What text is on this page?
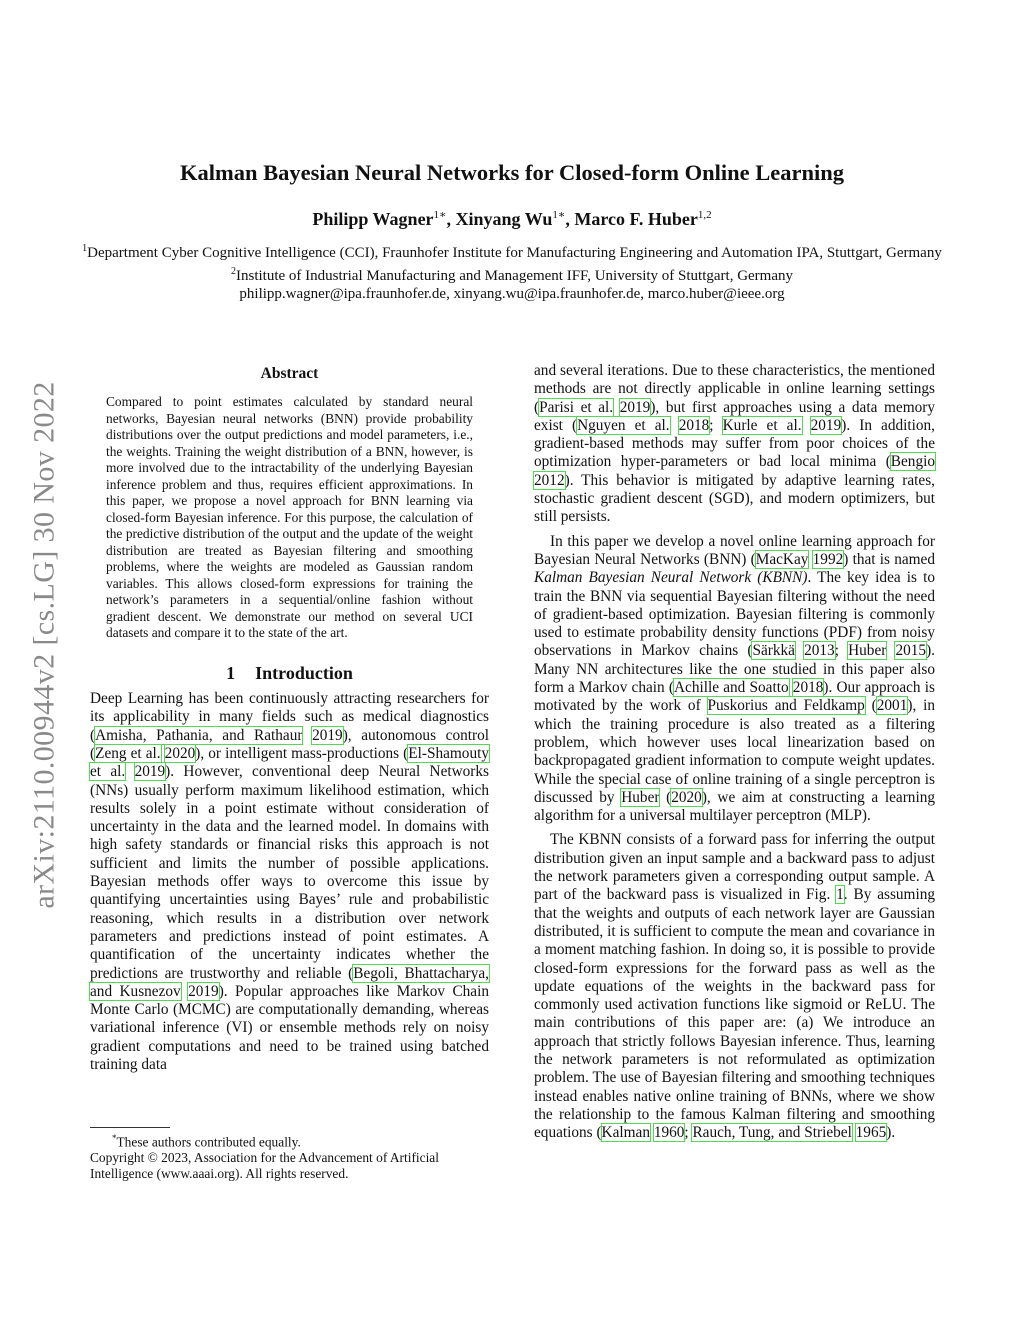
arXiv:2110.00944v2 [cs.LG] 30 Nov 2022
Kalman Bayesian Neural Networks for Closed-form Online Learning
Philipp Wagner$^{1∗}$, Xinyang $Wu^{1∗}$, Marco F. Huber$^{1,2}$
$^1$Department Cyber Cognitive Intelligence (CCI), Fraunhofer Institute for Manufacturing Engineering and Automation IPA, Stuttgart, Germany
$^2$Institute of Industrial Manufacturing and Management IFF, University of Stuttgart, Germany
philipp.wagner@ipa.fraunhofer.de, xinyang.wu@ipa.fraunhofer.de, marco.huber@ieee.org
Abstract

Compared to point estimates calculated by standard neural networks, Bayesian neural networks (BNN) provide probability distributions over the output predictions and model parameters, i.e., the weights. Training the weight distribution of a BNN, however, is more involved due to the intractability of the underlying Bayesian inference problem and thus, requires efficient approximations. In this paper, we propose a novel approach for BNN learning via closed-form Bayesian inference. For this purpose, the calculation of the predictive distribution of the output and the update of the weight distribution are treated as Bayesian filtering and smoothing problems, where the weights are modeled as Gaussian random variables. This allows closed-form expressions for training the network’s parameters in a sequential/online fashion without gradient descent. We demonstrate our method on several UCI datasets and compare it to the state of the art.

1 Introduction

Deep Learning has been continuously attracting researchers for its applicability in many fields such as medical diagnostics (Amisha, Pathania, and Rathaur 2019), autonomous control (Zeng et al. 2020), or intelligent mass-productions (El-Shamouty et al. 2019). However, conventional deep Neural Networks (NNs) usually perform maximum likelihood estimation, which results solely in a point estimate without consideration of uncertainty in the data and the learned model. In domains with high safety standards or financial risks this approach is not sufficient and limits the number of possible applications. Bayesian methods offer ways to overcome this issue by quantifying uncertainties using Bayes’ rule and probabilistic reasoning, which results in a distribution over network parameters and predictions instead of point estimates. A quantification of the uncertainty indicates whether the predictions are trustworthy and reliable (Begoli, Bhattacharya, and Kusnezov 2019). Popular approaches like Markov Chain Monte Carlo (MCMC) are computationally demanding, whereas variational inference (VI) or ensemble methods rely on noisy gradient computations and need to be trained using batched training data

*These authors contributed equally.
Copyright © 2023, Association for the Advancement of Artificial Intelligence (www.aaai.org). All rights reserved.

and several iterations. Due to these characteristics, the mentioned methods are not directly applicable in online learning settings (Parisi et al. 2019), but first approaches using a data memory exist (Nguyen et al. 2018; Kurle et al. 2019). In addition, gradient-based methods may suffer from poor choices of the optimization hyper-parameters or bad local minima (Bengio 2012). This behavior is mitigated by adaptive learning rates, stochastic gradient descent (SGD), and modern optimizers, but still persists.

In this paper we develop a novel online learning approach for Bayesian Neural Networks (BNN) (MacKay 1992) that is named Kalman Bayesian Neural Network (KBNN). The key idea is to train the BNN via sequential Bayesian filtering without the need of gradient-based optimization. Bayesian filtering is commonly used to estimate probability density functions (PDF) from noisy observations in Markov chains (Särkkä 2013; Huber 2015). Many NN architectures like the one studied in this paper also form a Markov chain (Achille and Soatto 2018). Our approach is motivated by the work of Puskorius and Feldkamp (2001), in which the training procedure is also treated as a filtering problem, which however uses local linearization based on backpropagated gradient information to compute weight updates. While the special case of online training of a single perceptron is discussed by Huber (2020), we aim at constructing a learning algorithm for a universal multilayer perceptron (MLP).

The KBNN consists of a forward pass for inferring the output distribution given an input sample and a backward pass to adjust the network parameters given a corresponding output sample. A part of the backward pass is visualized in Fig. 1. By assuming that the weights and outputs of each network layer are Gaussian distributed, it is sufficient to compute the mean and covariance in a moment matching fashion. In doing so, it is possible to provide closed-form expressions for the forward pass as well as the update equations of the weights in the backward pass for commonly used activation functions like sigmoid or ReLU. The main contributions of this paper are: (a) We introduce an approach that strictly follows Bayesian inference. Thus, learning the network parameters is not reformulated as optimization problem. The use of Bayesian filtering and smoothing techniques instead enables native online training of BNNs, where we show the relationship to the famous Kalman filtering and smoothing equations (Kalman 1960; Rauch, Tung, and Striebel 1965).
